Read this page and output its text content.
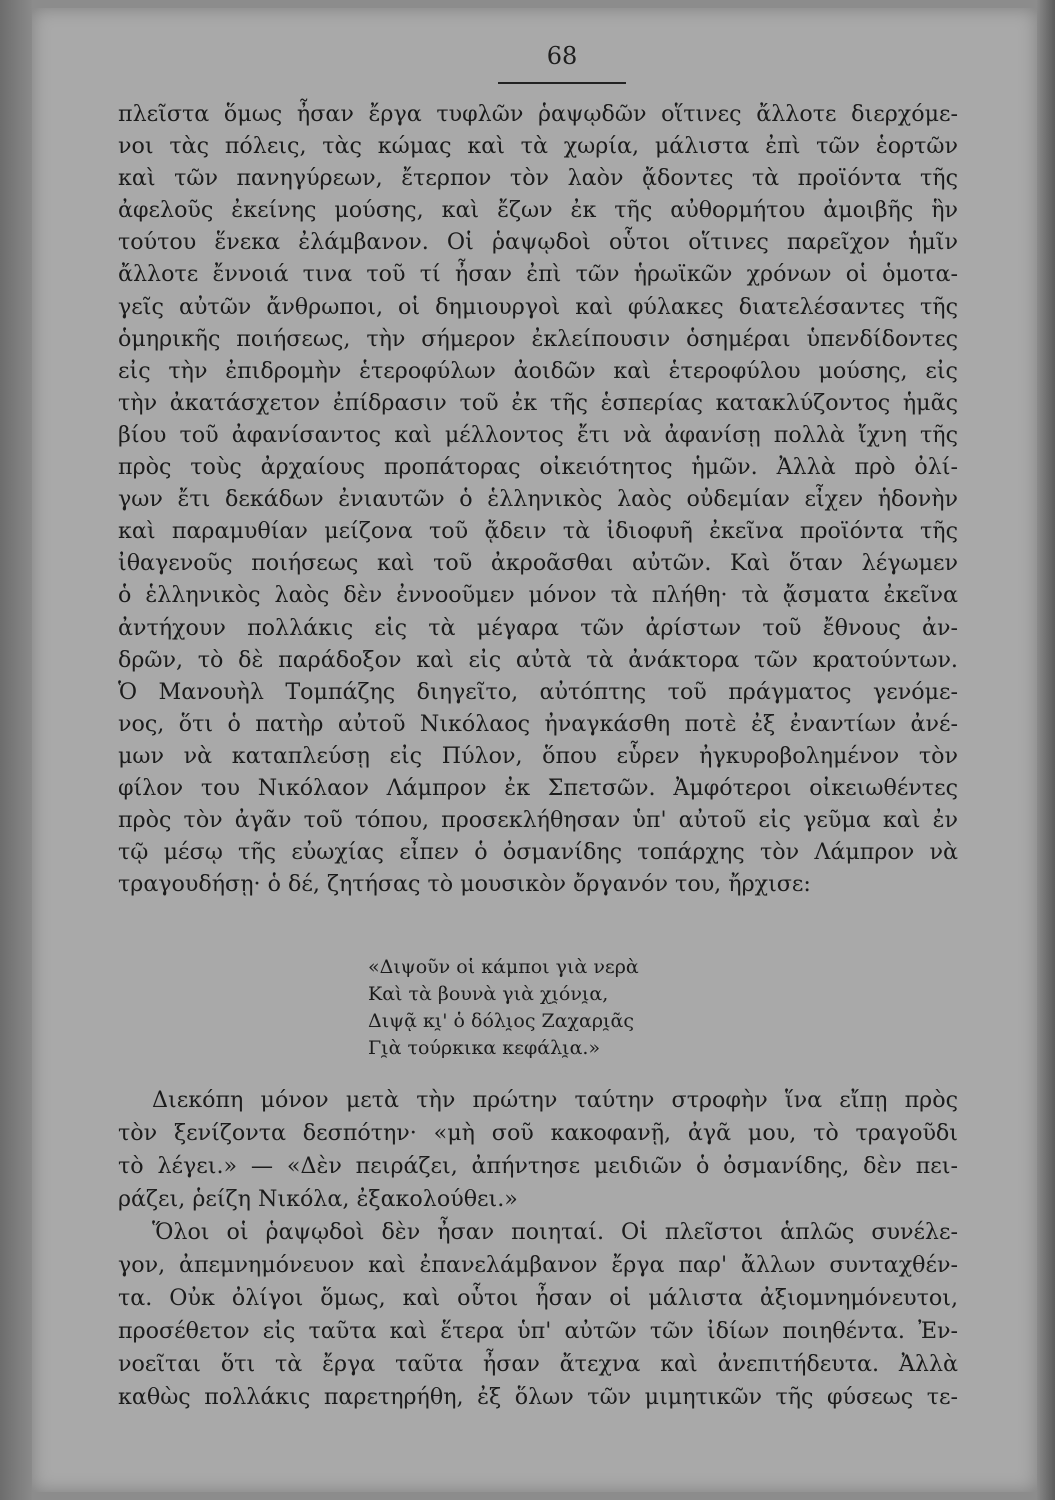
68
πλεῖστα ὅμως ἦσαν ἔργα τυφλῶν ῥαψῳδῶν οἵτινες ἄλλοτε διερχόμε-
νοι τὰς πόλεις, τὰς κώμας καὶ τὰ χωρία, μάλιστα ἐπὶ τῶν ἑορτῶν
καὶ τῶν πανηγύρεων, ἔτερπον τὸν λαὸν ᾄδοντες τὰ προϊόντα τῆς
ἀφελοῦς ἐκείνης μούσης, καὶ ἔζων ἐκ τῆς αὐθορμήτου ἀμοιβῆς ἣν
τούτου ἕνεκα ἐλάμβανον. Οἱ ῥαψῳδοὶ οὗτοι οἵτινες παρεῖχον ἡμῖν
ἄλλοτε ἔννοιά τινα τοῦ τί ἦσαν ἐπὶ τῶν ἡρωϊκῶν χρόνων οἱ ὁμοτα-
γεῖς αὐτῶν ἄνθρωποι, οἱ δημιουργοὶ καὶ φύλακες διατελέσαντες τῆς
ὁμηρικῆς ποιήσεως, τὴν σήμερον ἐκλείπουσιν ὁσημέραι ὑπενδίδοντες
εἰς τὴν ἐπιδρομὴν ἑτεροφύλων ἀοιδῶν καὶ ἑτεροφύλου μούσης, εἰς
τὴν ἀκατάσχετον ἐπίδρασιν τοῦ ἐκ τῆς ἑσπερίας κατακλύζοντος ἡμᾶς
βίου τοῦ ἀφανίσαντος καὶ μέλλοντος ἔτι νὰ ἀφανίσῃ πολλὰ ἴχνη τῆς
πρὸς τοὺς ἀρχαίους προπάτορας οἰκειότητος ἡμῶν. Ἀλλὰ πρὸ ὀλί-
γων ἔτι δεκάδων ἐνιαυτῶν ὁ ἑλληνικὸς λαὸς οὐδεμίαν εἶχεν ἡδονὴν
καὶ παραμυθίαν μείζονα τοῦ ᾄδειν τὰ ἰδιοφυῆ ἐκεῖνα προϊόντα τῆς
ἰθαγενοῦς ποιήσεως καὶ τοῦ ἀκροᾶσθαι αὐτῶν. Καὶ ὅταν λέγωμεν
ὁ ἑλληνικὸς λαὸς δὲν ἐννοοῦμεν μόνον τὰ πλήθη· τὰ ᾄσματα ἐκεῖνα
ἀντήχουν πολλάκις εἰς τὰ μέγαρα τῶν ἀρίστων τοῦ ἔθνους ἀν-
δρῶν, τὸ δὲ παράδοξον καὶ εἰς αὐτὰ τὰ ἀνάκτορα τῶν κρατούντων.
Ὁ Μανουὴλ Τομπάζης διηγεῖτο, αὐτόπτης τοῦ πράγματος γενόμε-
νος, ὅτι ὁ πατὴρ αὐτοῦ Νικόλαος ἠναγκάσθη ποτὲ ἐξ ἐναντίων ἀνέ-
μων νὰ καταπλεύσῃ εἰς Πύλον, ὅπου εὗρεν ἠγκυροβολημένον τὸν
φίλον του Νικόλαον Λάμπρον ἐκ Σπετσῶν. Ἀμφότεροι οἰκειωθέντες
πρὸς τὸν ἀγᾶν τοῦ τόπου, προσεκλήθησαν ὑπ' αὐτοῦ εἰς γεῦμα καὶ ἐν
τῷ μέσῳ τῆς εὐωχίας εἶπεν ὁ ὀσμανίδης τοπάρχης τὸν Λάμπρον νὰ
τραγουδήσῃ· ὁ δέ, ζητήσας τὸ μουσικὸν ὄργανόν του, ἤρχισε:
«Διψοῦν οἱ κάμποι γιὰ νερὰ
Καὶ τὰ βουνὰ γιὰ χι̯όνι̯α,
Διψᾷ κι̯' ὁ δόλι̯ος Ζαχαρι̯ᾶς
Γι̯ὰ τούρκικα κεφάλι̯α.»
Διεκόπη μόνον μετὰ τὴν πρώτην ταύτην στροφὴν ἵνα εἴπῃ πρὸς
τὸν ξενίζοντα δεσπότην· «μὴ σοῦ κακοφανῇ, ἀγᾶ μου, τὸ τραγοῦδι
τὸ λέγει.» — «Δὲν πειράζει, ἀπήντησε μειδιῶν ὁ ὀσμανίδης, δὲν πει-
ράζει, ῥείζη Νικόλα, ἐξακολούθει.»
Ὅλοι οἱ ῥαψῳδοὶ δὲν ἦσαν ποιηταί. Οἱ πλεῖστοι ἁπλῶς συνέλε-
γον, ἀπεμνημόνευον καὶ ἐπανελάμβανον ἔργα παρ' ἄλλων συνταχθέν-
τα. Οὐκ ὀλίγοι ὅμως, καὶ οὗτοι ἦσαν οἱ μάλιστα ἀξιομνημόνευτοι,
προσέθετον εἰς ταῦτα καὶ ἕτερα ὑπ' αὐτῶν τῶν ἰδίων ποιηθέντα. Ἐν-
νοεῖται ὅτι τὰ ἔργα ταῦτα ἦσαν ἄτεχνα καὶ ἀνεπιτήδευτα. Ἀλλὰ
καθὼς πολλάκις παρετηρήθη, ἐξ ὅλων τῶν μιμητικῶν τῆς φύσεως τε-
